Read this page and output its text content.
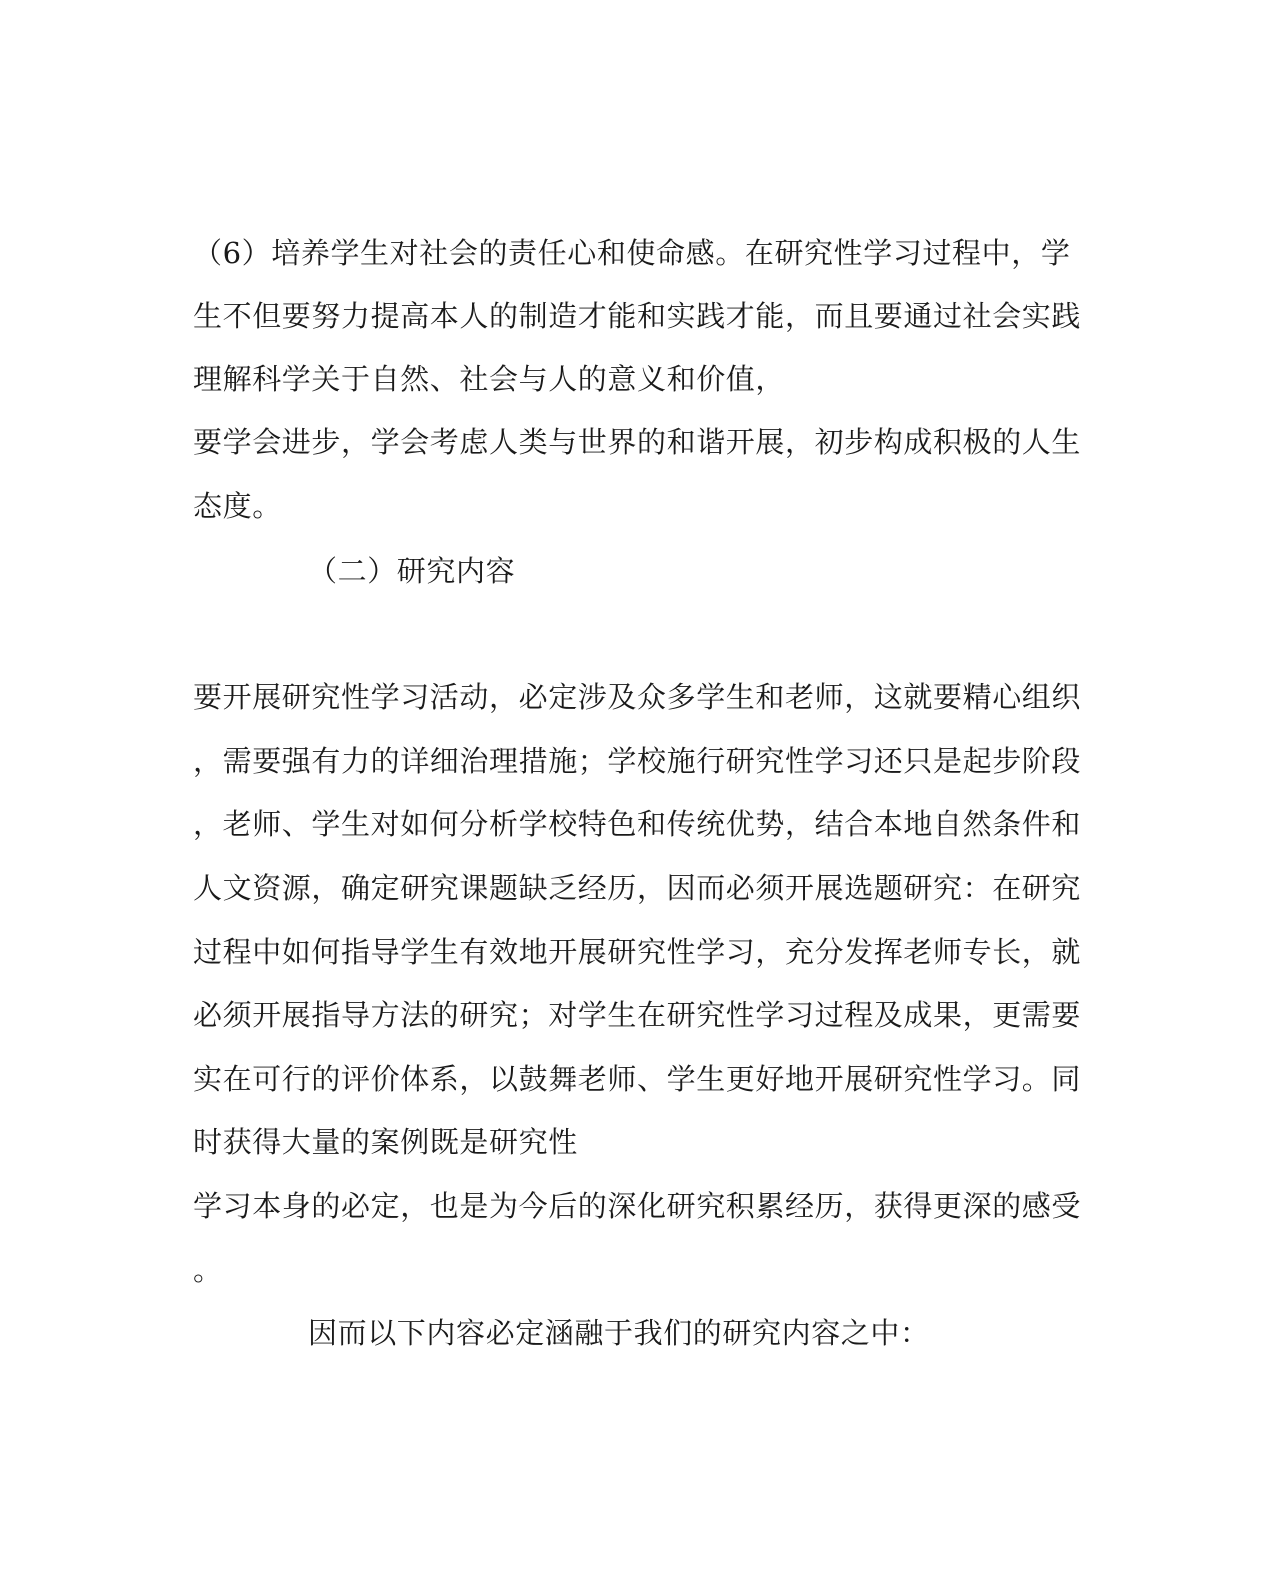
（6）培养学生对社会的责任心和使命感。在研究性学习过程中，学
生不但要努力提高本人的制造才能和实践才能，而且要通过社会实践
理解科学关于自然、社会与人的意义和价值，
要学会进步，学会考虑人类与世界的和谐开展，初步构成积极的人生
态度。
（二）研究内容
要开展研究性学习活动，必定涉及众多学生和老师，这就要精心组织
，需要强有力的详细治理措施；学校施行研究性学习还只是起步阶段
，老师、学生对如何分析学校特色和传统优势，结合本地自然条件和
人文资源，确定研究课题缺乏经历，因而必须开展选题研究：在研究
过程中如何指导学生有效地开展研究性学习，充分发挥老师专长，就
必须开展指导方法的研究；对学生在研究性学习过程及成果，更需要
实在可行的评价体系，以鼓舞老师、学生更好地开展研究性学习。同
时获得大量的案例既是研究性
学习本身的必定，也是为今后的深化研究积累经历，获得更深的感受
。
因而以下内容必定涵融于我们的研究内容之中：
